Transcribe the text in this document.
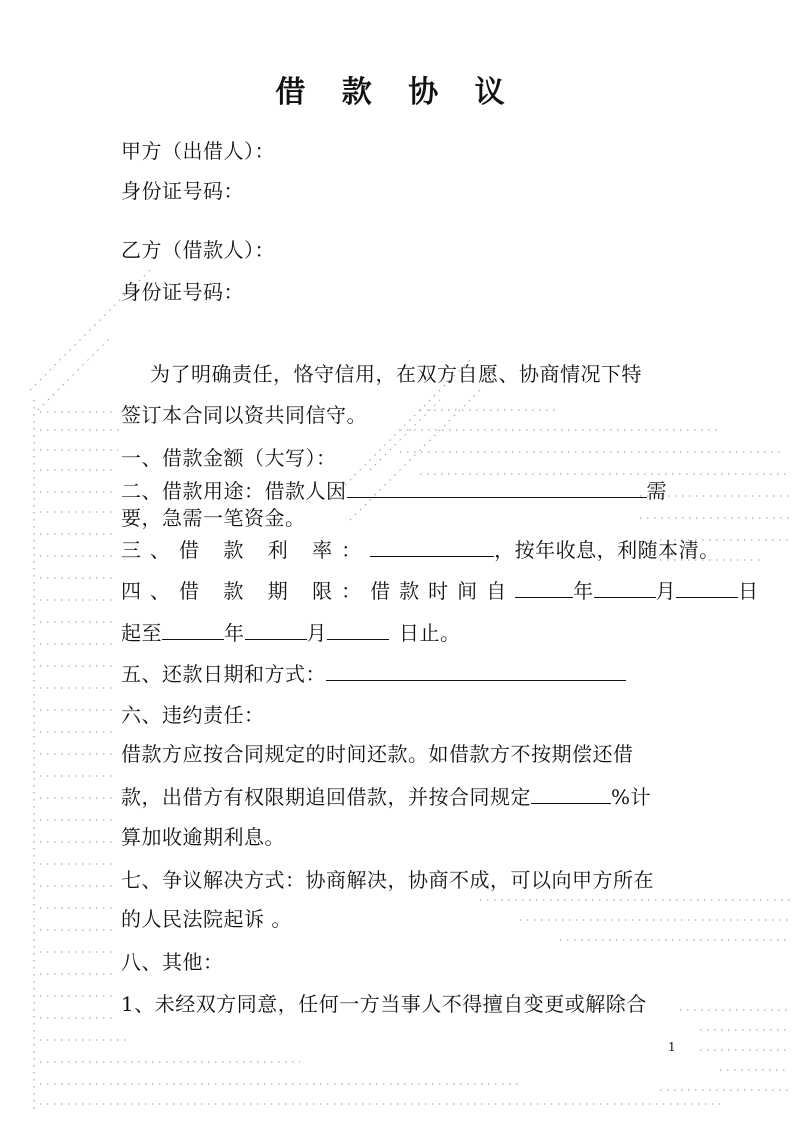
借 款 协 议
甲方（出借人）：
身份证号码：
乙方（借款人）：
身份证号码：
为了明确责任，恪守信用，在双方自愿、协商情况下特
签订本合同以资共同信守。
一、借款金额（大写）：
二、借款用途：借款人因	需
要，急需一笔资金。
三、借 款 利 率：	，按年收息，利随本清。
四、借 款 期 限：借款时间自	年	月	日
起至	年	月	日止。
五、还款日期和方式：
六、违约责任：
借款方应按合同规定的时间还款。如借款方不按期偿还借
款，出借方有权限期追回借款，并按合同规定	%计
算加收逾期利息。
七、争议解决方式：协商解决，协商不成，可以向甲方所在
的人民法院起诉 。
八、其他：
1、未经双方同意，任何一方当事人不得擅自变更或解除合
1
